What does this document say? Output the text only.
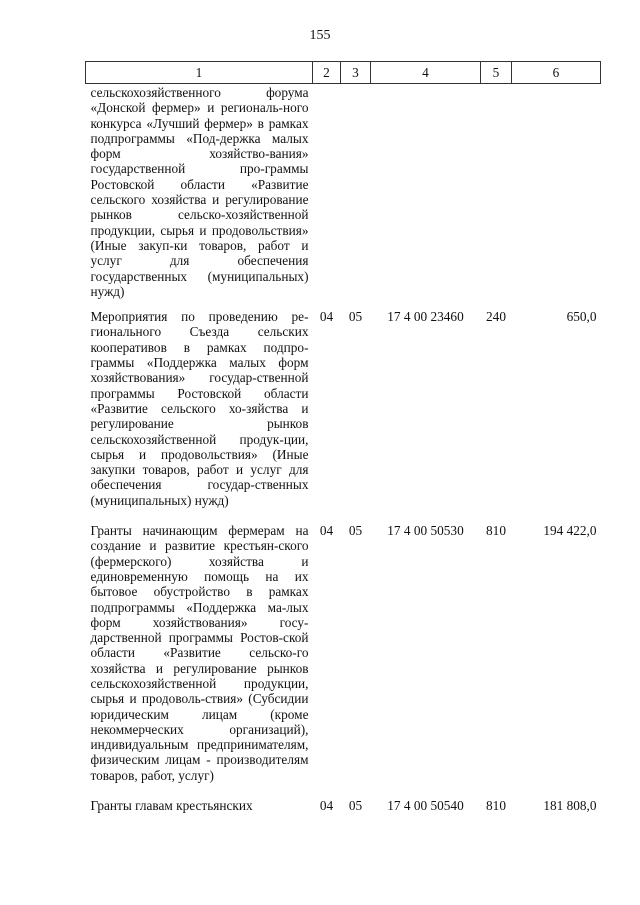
155
1	2	3	4	5	6
сельскохозяйственного форума «Донской фермер» и региональ-ного конкурса «Лучший фермер» в рамках подпрограммы «Под-держка малых форм хозяйство-вания» государственной про-граммы Ростовской области «Развитие сельского хозяйства и регулирование рынков сельско-хозяйственной продукции, сырья и продовольствия» (Иные закуп-ки товаров, работ и услуг для обеспечения государственных (муниципальных) нужд)					
Мероприятия по проведению ре-гионального Съезда сельских кооперативов в рамках подпро-граммы «Поддержка малых форм хозяйствования» государ-ственной программы Ростовской области «Развитие сельского хо-зяйства и регулирование рынков сельскохозяйственной продук-ции, сырья и продовольствия» (Иные закупки товаров, работ и услуг для обеспечения государ-ственных (муниципальных) нужд)	04	05	17 4 00 23460	240	650,0
Гранты начинающим фермерам на создание и развитие крестьян-ского (фермерского) хозяйства и единовременную помощь на их бытовое обустройство в рамках подпрограммы «Поддержка ма-лых форм хозяйствования» госу-дарственной программы Ростов-ской области «Развитие сельско-го хозяйства и регулирование рынков сельскохозяйственной продукции, сырья и продоволь-ствия» (Субсидии юридическим лицам (кроме некоммерческих организаций), индивидуальным предпринимателям, физическим лицам - производителям товаров, работ, услуг)	04	05	17 4 00 50530	810	194 422,0
Гранты главам крестьянских	04	05	17 4 00 50540	810	181 808,0
